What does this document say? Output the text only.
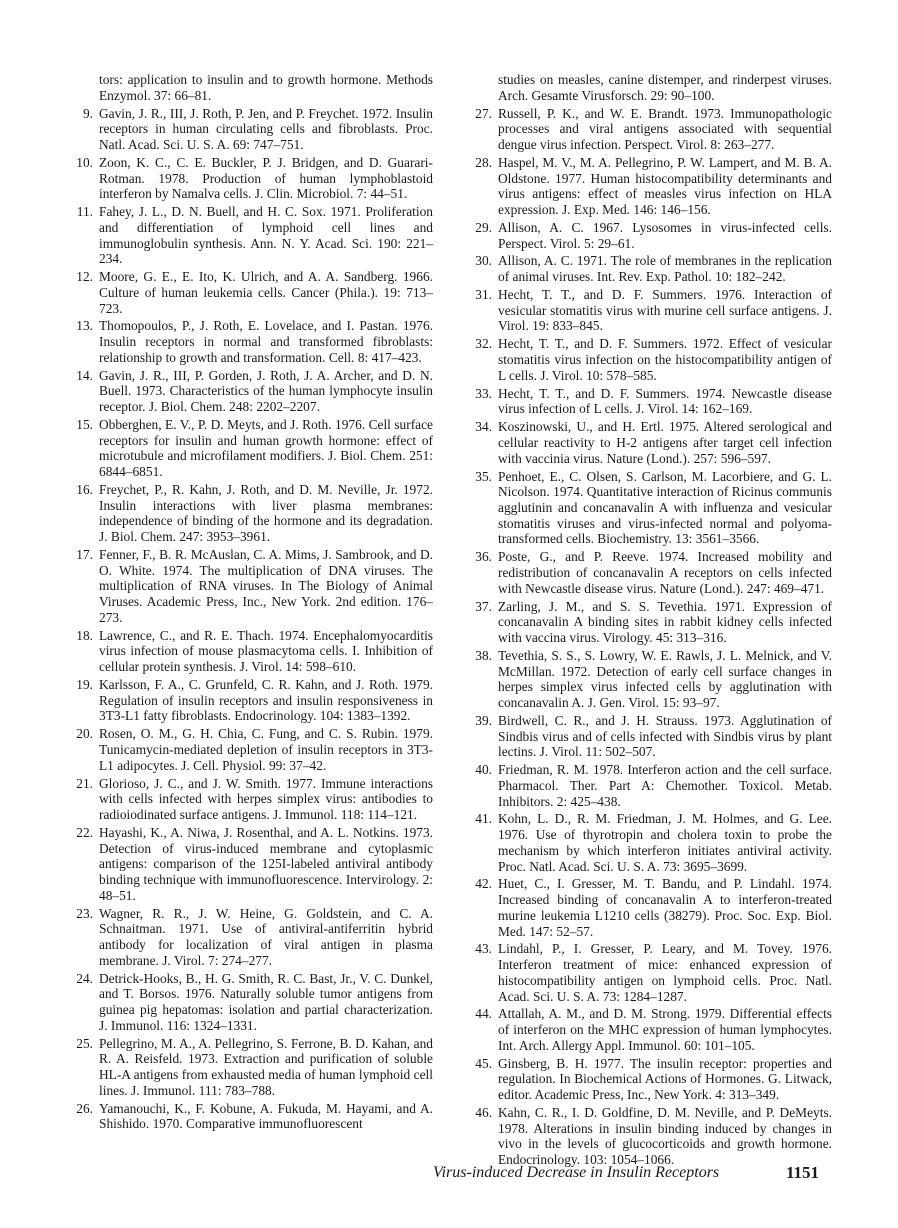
tors: application to insulin and to growth hormone. Methods Enzymol. 37: 66–81.
9. Gavin, J. R., III, J. Roth, P. Jen, and P. Freychet. 1972. Insulin receptors in human circulating cells and fibroblasts. Proc. Natl. Acad. Sci. U. S. A. 69: 747–751.
10. Zoon, K. C., C. E. Buckler, P. J. Bridgen, and D. Guarari-Rotman. 1978. Production of human lymphoblastoid interferon by Namalva cells. J. Clin. Microbiol. 7: 44–51.
11. Fahey, J. L., D. N. Buell, and H. C. Sox. 1971. Proliferation and differentiation of lymphoid cell lines and immunoglobulin synthesis. Ann. N. Y. Acad. Sci. 190: 221–234.
12. Moore, G. E., E. Ito, K. Ulrich, and A. A. Sandberg. 1966. Culture of human leukemia cells. Cancer (Phila.). 19: 713–723.
13. Thomopoulos, P., J. Roth, E. Lovelace, and I. Pastan. 1976. Insulin receptors in normal and transformed fibroblasts: relationship to growth and transformation. Cell. 8: 417–423.
14. Gavin, J. R., III, P. Gorden, J. Roth, J. A. Archer, and D. N. Buell. 1973. Characteristics of the human lymphocyte insulin receptor. J. Biol. Chem. 248: 2202–2207.
15. Obberghen, E. V., P. D. Meyts, and J. Roth. 1976. Cell surface receptors for insulin and human growth hormone: effect of microtubule and microfilament modifiers. J. Biol. Chem. 251: 6844–6851.
16. Freychet, P., R. Kahn, J. Roth, and D. M. Neville, Jr. 1972. Insulin interactions with liver plasma membranes: independence of binding of the hormone and its degradation. J. Biol. Chem. 247: 3953–3961.
17. Fenner, F., B. R. McAuslan, C. A. Mims, J. Sambrook, and D. O. White. 1974. The multiplication of DNA viruses. The multiplication of RNA viruses. In The Biology of Animal Viruses. Academic Press, Inc., New York. 2nd edition. 176–273.
18. Lawrence, C., and R. E. Thach. 1974. Encephalomyocarditis virus infection of mouse plasmacytoma cells. I. Inhibition of cellular protein synthesis. J. Virol. 14: 598–610.
19. Karlsson, F. A., C. Grunfeld, C. R. Kahn, and J. Roth. 1979. Regulation of insulin receptors and insulin responsiveness in 3T3-L1 fatty fibroblasts. Endocrinology. 104: 1383–1392.
20. Rosen, O. M., G. H. Chia, C. Fung, and C. S. Rubin. 1979. Tunicamycin-mediated depletion of insulin receptors in 3T3-L1 adipocytes. J. Cell. Physiol. 99: 37–42.
21. Glorioso, J. C., and J. W. Smith. 1977. Immune interactions with cells infected with herpes simplex virus: antibodies to radioiodinated surface antigens. J. Immunol. 118: 114–121.
22. Hayashi, K., A. Niwa, J. Rosenthal, and A. L. Notkins. 1973. Detection of virus-induced membrane and cytoplasmic antigens: comparison of the 125I-labeled antiviral antibody binding technique with immunofluorescence. Intervirology. 2: 48–51.
23. Wagner, R. R., J. W. Heine, G. Goldstein, and C. A. Schnaitman. 1971. Use of antiviral-antiferritin hybrid antibody for localization of viral antigen in plasma membrane. J. Virol. 7: 274–277.
24. Detrick-Hooks, B., H. G. Smith, R. C. Bast, Jr., V. C. Dunkel, and T. Borsos. 1976. Naturally soluble tumor antigens from guinea pig hepatomas: isolation and partial characterization. J. Immunol. 116: 1324–1331.
25. Pellegrino, M. A., A. Pellegrino, S. Ferrone, B. D. Kahan, and R. A. Reisfeld. 1973. Extraction and purification of soluble HL-A antigens from exhausted media of human lymphoid cell lines. J. Immunol. 111: 783–788.
26. Yamanouchi, K., F. Kobune, A. Fukuda, M. Hayami, and A. Shishido. 1970. Comparative immunofluorescent
studies on measles, canine distemper, and rinderpest viruses. Arch. Gesamte Virusforsch. 29: 90–100.
27. Russell, P. K., and W. E. Brandt. 1973. Immunopathologic processes and viral antigens associated with sequential dengue virus infection. Perspect. Virol. 8: 263–277.
28. Haspel, M. V., M. A. Pellegrino, P. W. Lampert, and M. B. A. Oldstone. 1977. Human histocompatibility determinants and virus antigens: effect of measles virus infection on HLA expression. J. Exp. Med. 146: 146–156.
29. Allison, A. C. 1967. Lysosomes in virus-infected cells. Perspect. Virol. 5: 29–61.
30. Allison, A. C. 1971. The role of membranes in the replication of animal viruses. Int. Rev. Exp. Pathol. 10: 182–242.
31. Hecht, T. T., and D. F. Summers. 1976. Interaction of vesicular stomatitis virus with murine cell surface antigens. J. Virol. 19: 833–845.
32. Hecht, T. T., and D. F. Summers. 1972. Effect of vesicular stomatitis virus infection on the histocompatibility antigen of L cells. J. Virol. 10: 578–585.
33. Hecht, T. T., and D. F. Summers. 1974. Newcastle disease virus infection of L cells. J. Virol. 14: 162–169.
34. Koszinowski, U., and H. Ertl. 1975. Altered serological and cellular reactivity to H-2 antigens after target cell infection with vaccinia virus. Nature (Lond.). 257: 596–597.
35. Penhoet, E., C. Olsen, S. Carlson, M. Lacorbiere, and G. L. Nicolson. 1974. Quantitative interaction of Ricinus communis agglutinin and concanavalin A with influenza and vesicular stomatitis viruses and virus-infected normal and polyoma-transformed cells. Biochemistry. 13: 3561–3566.
36. Poste, G., and P. Reeve. 1974. Increased mobility and redistribution of concanavalin A receptors on cells infected with Newcastle disease virus. Nature (Lond.). 247: 469–471.
37. Zarling, J. M., and S. S. Tevethia. 1971. Expression of concanavalin A binding sites in rabbit kidney cells infected with vaccina virus. Virology. 45: 313–316.
38. Tevethia, S. S., S. Lowry, W. E. Rawls, J. L. Melnick, and V. McMillan. 1972. Detection of early cell surface changes in herpes simplex virus infected cells by agglutination with concanavalin A. J. Gen. Virol. 15: 93–97.
39. Birdwell, C. R., and J. H. Strauss. 1973. Agglutination of Sindbis virus and of cells infected with Sindbis virus by plant lectins. J. Virol. 11: 502–507.
40. Friedman, R. M. 1978. Interferon action and the cell surface. Pharmacol. Ther. Part A: Chemother. Toxicol. Metab. Inhibitors. 2: 425–438.
41. Kohn, L. D., R. M. Friedman, J. M. Holmes, and G. Lee. 1976. Use of thyrotropin and cholera toxin to probe the mechanism by which interferon initiates antiviral activity. Proc. Natl. Acad. Sci. U. S. A. 73: 3695–3699.
42. Huet, C., I. Gresser, M. T. Bandu, and P. Lindahl. 1974. Increased binding of concanavalin A to interferon-treated murine leukemia L1210 cells (38279). Proc. Soc. Exp. Biol. Med. 147: 52–57.
43. Lindahl, P., I. Gresser, P. Leary, and M. Tovey. 1976. Interferon treatment of mice: enhanced expression of histocompatibility antigen on lymphoid cells. Proc. Natl. Acad. Sci. U. S. A. 73: 1284–1287.
44. Attallah, A. M., and D. M. Strong. 1979. Differential effects of interferon on the MHC expression of human lymphocytes. Int. Arch. Allergy Appl. Immunol. 60: 101–105.
45. Ginsberg, B. H. 1977. The insulin receptor: properties and regulation. In Biochemical Actions of Hormones. G. Litwack, editor. Academic Press, Inc., New York. 4: 313–349.
46. Kahn, C. R., I. D. Goldfine, D. M. Neville, and P. DeMeyts. 1978. Alterations in insulin binding induced by changes in vivo in the levels of glucocorticoids and growth hormone. Endocrinology. 103: 1054–1066.
Virus-induced Decrease in Insulin Receptors	1151
